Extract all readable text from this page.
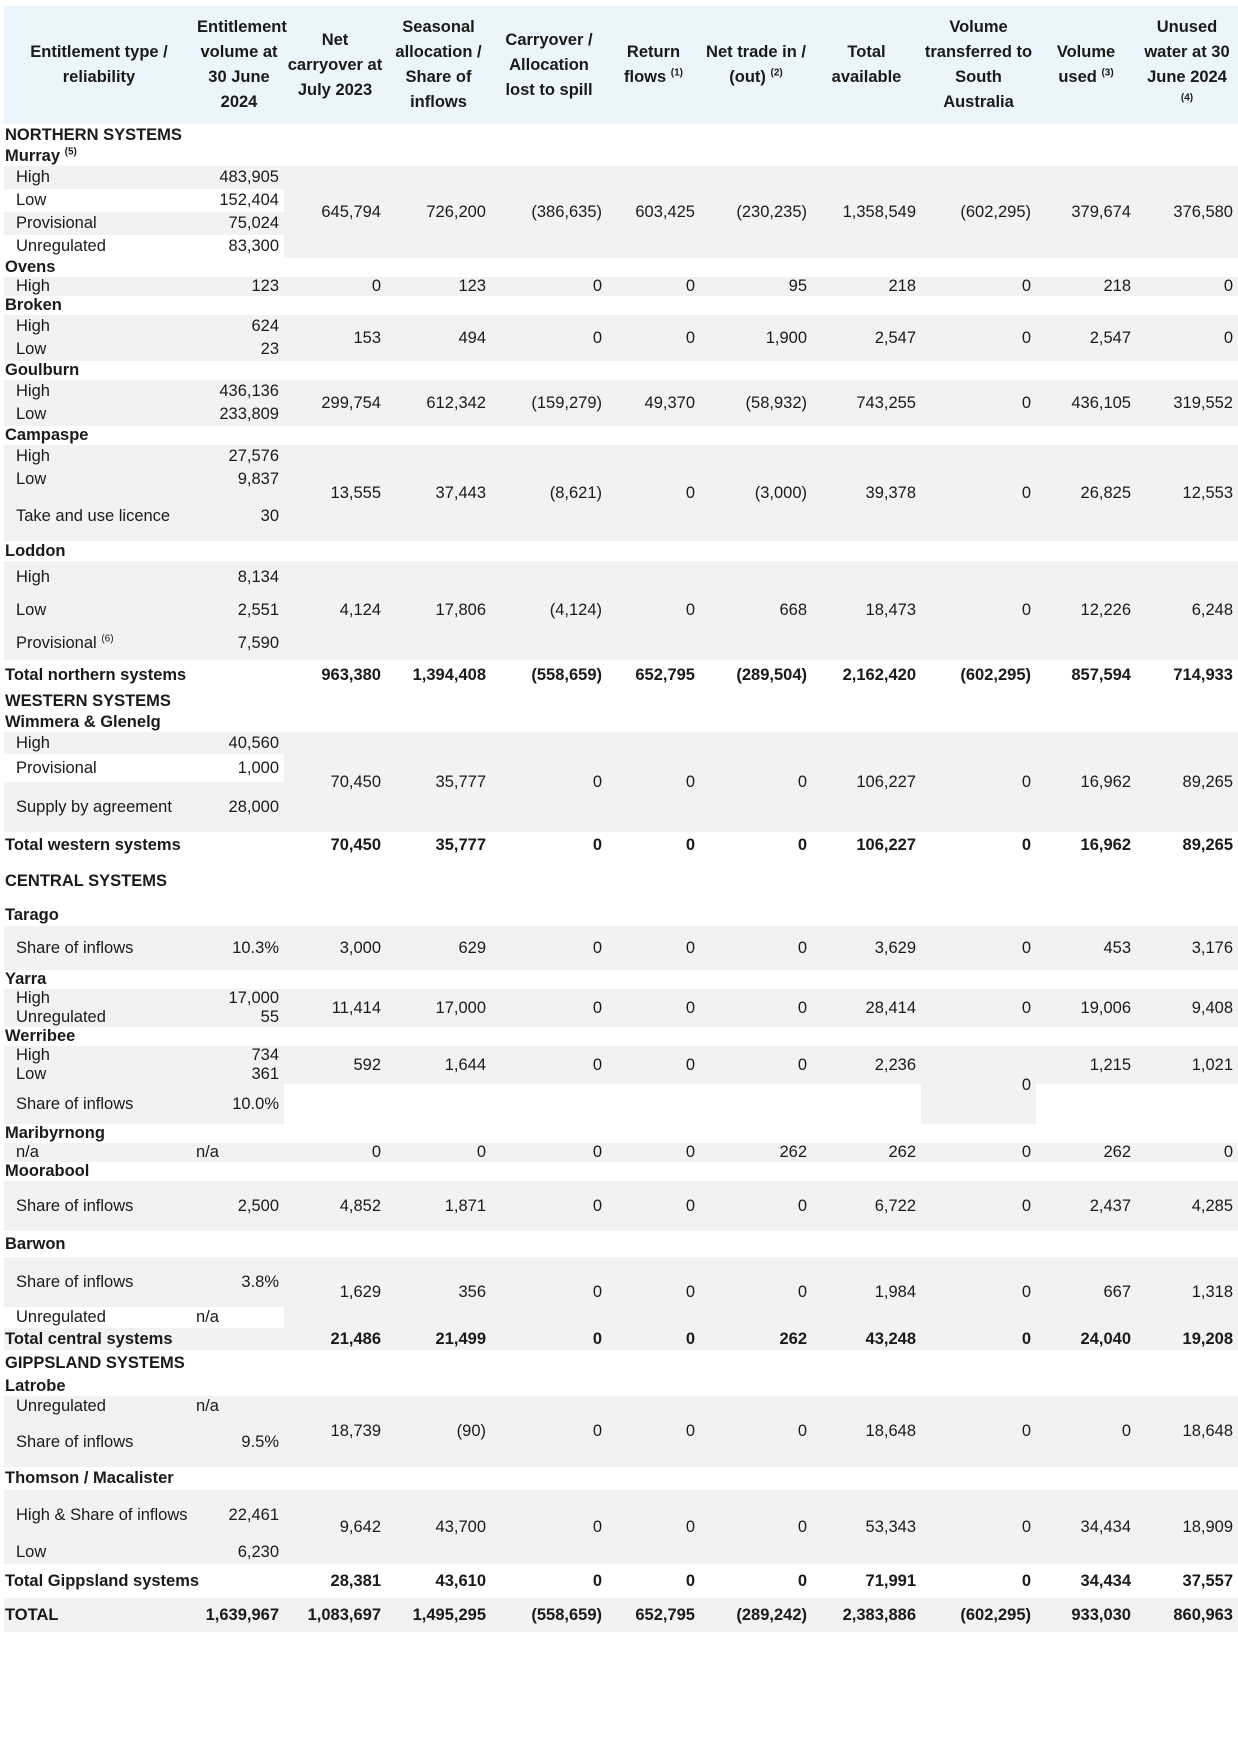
Entitlement type / reliability	Entitlement volume at 30 June 2024	Net carryover at July 2023	Seasonal allocation / Share of inflows	Carryover / Allocation lost to spill	Return flows $^{(1)}$	Net trade in / (out) $^{(2)}$	Total available	Volume transferred to South Australia	Volume used $^{(3)}$	Unused water at 30 June 2024 $^{(4)}$
NORTHERN SYSTEMS										
Murray $^{(5)}$
High	483,905	645,794	726,200	(386,635)	603,425	(230,235)	1,358,549	(602,295)	379,674	376,580
Low	152,404									
Provisional	75,024									
Unregulated	83,300									
Ovens										
High	123	0	123	0	0	95	218	0	218	0
Broken										
High	624	153	494	0	0	1,900	2,547	0	2,547	0
Low	23									
Goulburn										
High	436,136	299,754	612,342	(159,279)	49,370	(58,932)	743,255	0	436,105	319,552
Low	233,809									
Campaspe										
High	27,576	13,555	37,443	(8,621)	0	(3,000)	39,378	0	26,825	12,553
Low	9,837									
Take and use licence	30									
Loddon										
High	8,134	4,124	17,806	(4,124)	0	668	18,473	0	12,226	6,248
Low	2,551									
Provisional $^{(6)}$	7,590									
Total northern systems		963,380	1,394,408	(558,659)	652,795	(289,504)	2,162,420	(602,295)	857,594	714,933
WESTERN SYSTEMS										
Wimmera & Glenelg										
High	40,560	70,450	35,777	0	0	0	106,227	0	16,962	89,265
Provisional	1,000									
Supply by agreement	28,000									
Total western systems		70,450	35,777	0	0	0	106,227	0	16,962	89,265
CENTRAL SYSTEMS										
Tarago										
Share of inflows	10.3%	3,000	629	0	0	0	3,629	0	453	3,176
Yarra										
High	17,000	11,414	17,000	0	0	0	28,414	0	19,006	9,408
Unregulated	55									
Werribee										
High	734	592	1,644	0	0	0	2,236	0	1,215	1,021
Low	361									
Share of inflows	10.0%									
Maribyrnong										
n/a	n/a	0	0	0	0	262	262	0	262	0
Moorabool										
Share of inflows	2,500	4,852	1,871	0	0	0	6,722	0	2,437	4,285
Barwon										
Share of inflows	3.8%	1,629	356	0	0	0	1,984	0	667	1,318
Unregulated	n/a									
Total central systems		21,486	21,499	0	0	262	43,248	0	24,040	19,208
GIPPSLAND SYSTEMS										
Latrobe										
Unregulated	n/a	18,739	(90)	0	0	0	18,648	0	0	18,648
Share of inflows	9.5%									
Thomson / Macalister										
High & Share of inflows	22,461	9,642	43,700	0	0	0	53,343	0	34,434	18,909
Low	6,230									
Total Gippsland systems		28,381	43,610	0	0	0	71,991	0	34,434	37,557
TOTAL	1,639,967	1,083,697	1,495,295	(558,659)	652,795	(289,242)	2,383,886	(602,295)	933,030	860,963
